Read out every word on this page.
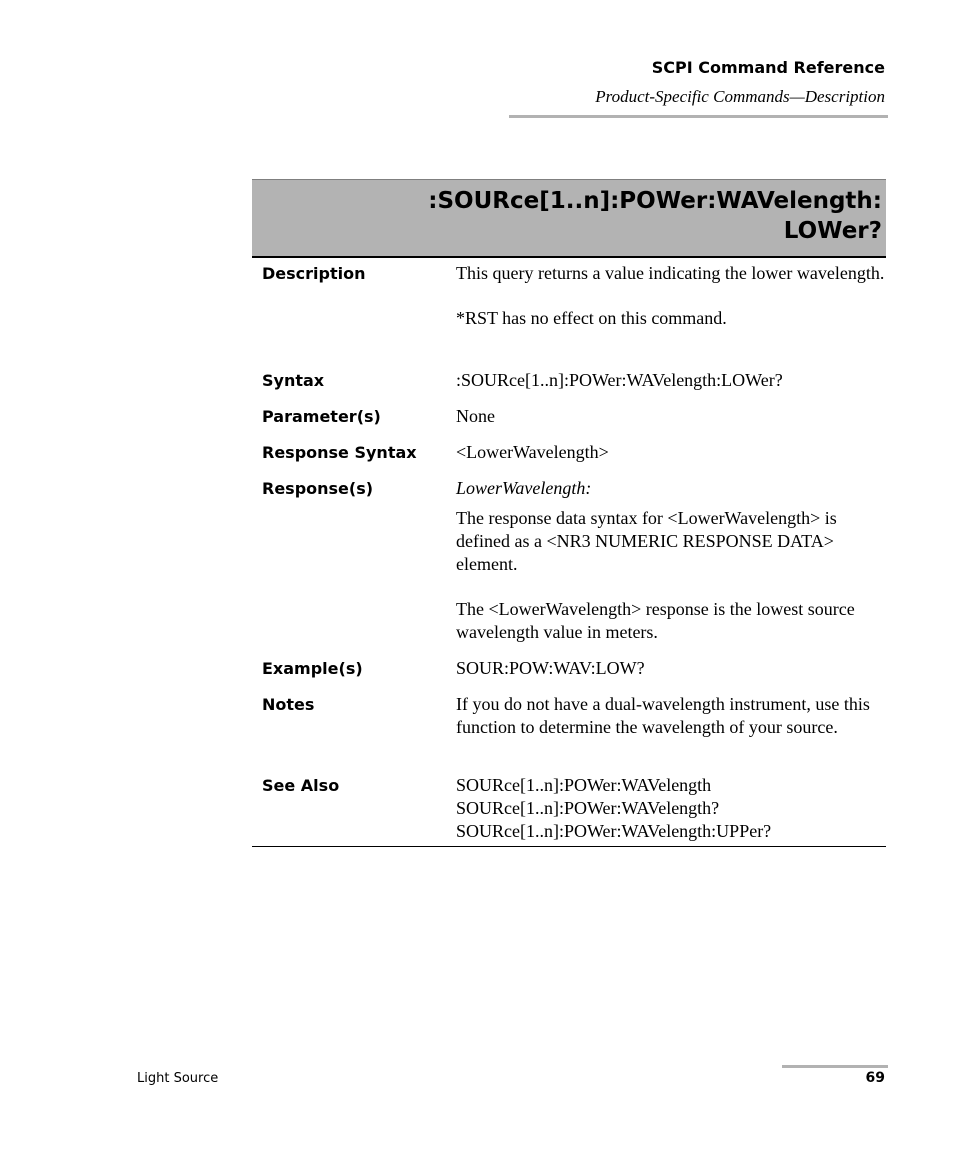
SCPI Command Reference
Product-Specific Commands—Description
:SOURce[1..n]:POWer:WAVelength:
LOWer?
Description	This query returns a value indicating the lower wavelength.

*RST has no effect on this command.

Syntax	:SOURce[1..n]:POWer:WAVelength:LOWer?
Parameter(s)	None
Response Syntax	<LowerWavelength>
Response(s)	LowerWavelength:

The response data syntax for <LowerWavelength> is defined as a <NR3 NUMERIC RESPONSE DATA> element.

The <LowerWavelength> response is the lowest source wavelength value in meters.

Example(s)	SOUR:POW:WAV:LOW?
Notes	If you do not have a dual-wavelength instrument, use this function to determine the wavelength of your source.
See Also	SOURce[1..n]:POWer:WAVelength
SOURce[1..n]:POWer:WAVelength?
SOURce[1..n]:POWer:WAVelength:UPPer?
Light Source	69
